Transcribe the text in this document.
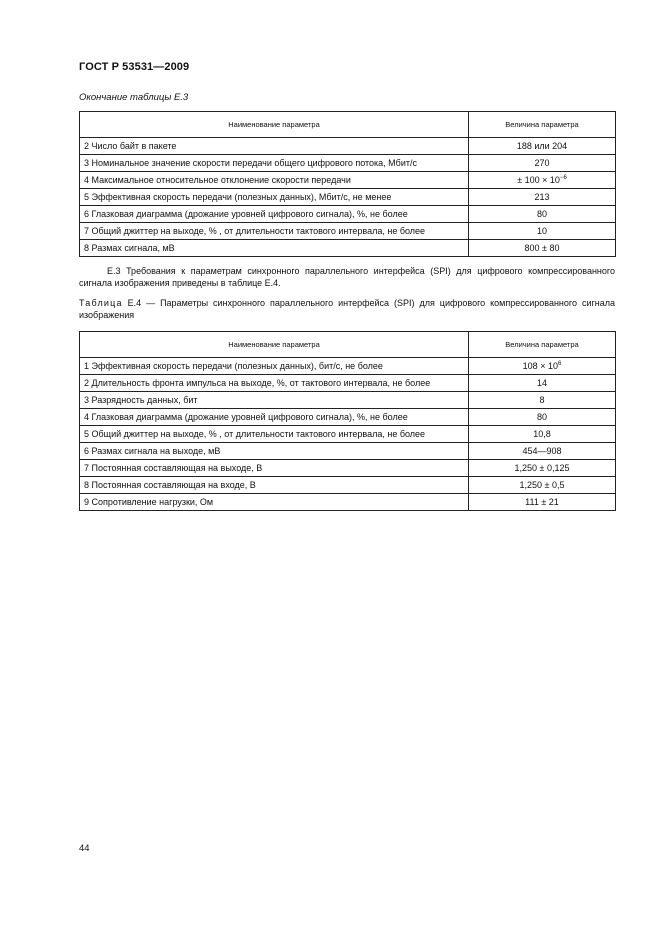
ГОСТ Р 53531—2009
Окончание таблицы Е.3
Наименование параметра	Величина параметра
2 Число байт в пакете	188 или 204
3 Номинальное значение скорости передачи общего цифрового потока, Мбит/с	270
4 Максимальное относительное отклонение скорости передачи	± $100 \times 10^{-6}$
5 Эффективная скорость передачи (полезных данных), Мбит/с, не менее	213
6 Глазковая диаграмма (дрожание уровней цифрового сигнала), %, не более	80
7 Общий джиттер на выходе, % , от длительности тактового интервала, не более	10
8 Размах сигнала, мВ	800 ± 80
Е.3 Требования к параметрам синхронного параллельного интерфейса (SPI) для цифрового компрессированного сигнала изображения приведены в таблице Е.4.
Таблица Е.4 — Параметры синхронного параллельного интерфейса (SPI) для цифрового компрессированного сигнала изображения
Наименование параметра	Величина параметра
1 Эффективная скорость передачи (полезных данных), бит/с, не более	$108 \times 10^6$
2 Длительность фронта импульса на выходе, %, от тактового интервала, не более	14
3 Разрядность данных, бит	8
4 Глазковая диаграмма (дрожание уровней цифрового сигнала), %, не более	80
5 Общий джиттер на выходе, % , от длительности тактового интервала, не более	10,8
6 Размах сигнала на выходе, мВ	454—908
7 Постоянная составляющая на выходе, В	1,250 ± 0,125
8 Постоянная составляющая на входе, В	1,250 ± 0,5
9 Сопротивление нагрузки, Ом	111 ± 21
44
